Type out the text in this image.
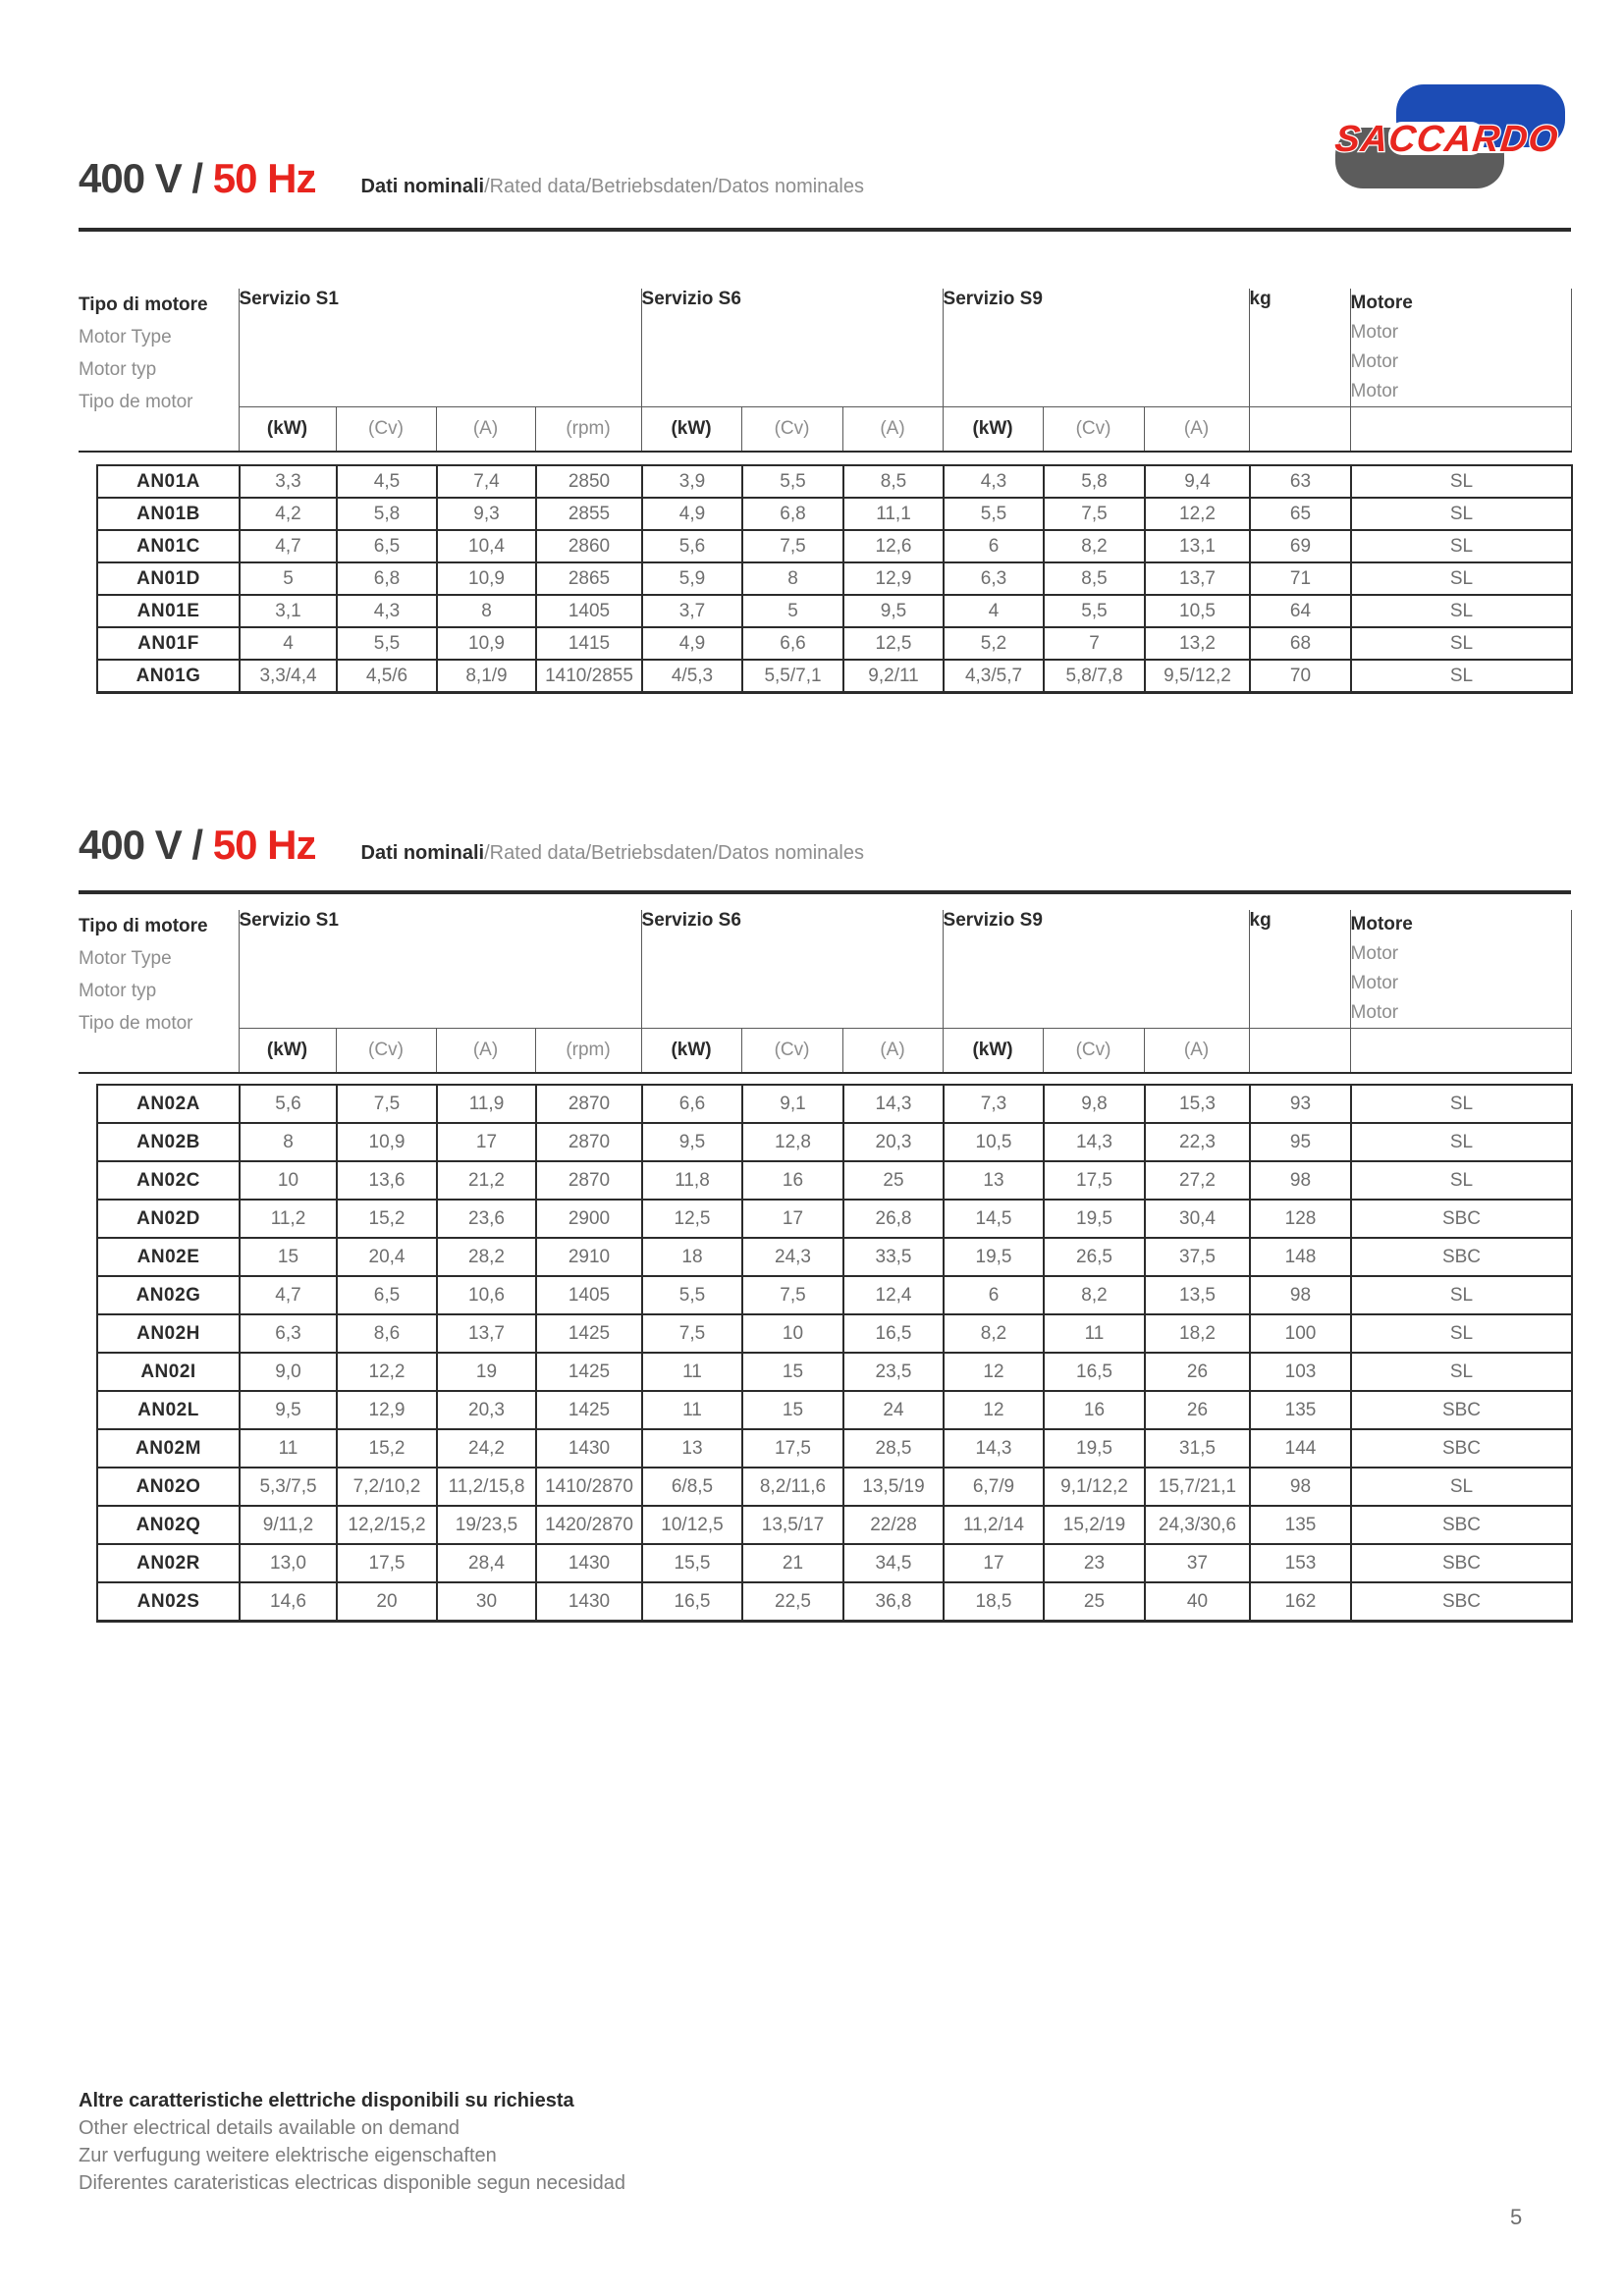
SACCARDO
400 V / 50 Hz Dati nominali/Rated data/Betriebsdaten/Datos nominales
Tipo di motore
Motor Type
Motor typ
Tipo de motor
	Servizio S1	Servizio S6	Servizio S9	kg	Motore
Motor
Motor
Motor

	(kW)	(Cv)	(A)	(rpm)	(kW)	(Cv)	(A)	(kW)	(Cv)	(A)		
AN01A	3,3	4,5	7,4	2850	3,9	5,5	8,5	4,3	5,8	9,4	63	SL
AN01B	4,2	5,8	9,3	2855	4,9	6,8	11,1	5,5	7,5	12,2	65	SL
AN01C	4,7	6,5	10,4	2860	5,6	7,5	12,6	6	8,2	13,1	69	SL
AN01D	5	6,8	10,9	2865	5,9	8	12,9	6,3	8,5	13,7	71	SL
AN01E	3,1	4,3	8	1405	3,7	5	9,5	4	5,5	10,5	64	SL
AN01F	4	5,5	10,9	1415	4,9	6,6	12,5	5,2	7	13,2	68	SL
AN01G	3,3/4,4	4,5/6	8,1/9	1410/2855	4/5,3	5,5/7,1	9,2/11	4,3/5,7	5,8/7,8	9,5/12,2	70	SL
400 V / 50 Hz Dati nominali/Rated data/Betriebsdaten/Datos nominales
Tipo di motore
Motor Type
Motor typ
Tipo de motor
	Servizio S1	Servizio S6	Servizio S9	kg	Motore
Motor
Motor
Motor

	(kW)	(Cv)	(A)	(rpm)	(kW)	(Cv)	(A)	(kW)	(Cv)	(A)		
AN02A	5,6	7,5	11,9	2870	6,6	9,1	14,3	7,3	9,8	15,3	93	SL
AN02B	8	10,9	17	2870	9,5	12,8	20,3	10,5	14,3	22,3	95	SL
AN02C	10	13,6	21,2	2870	11,8	16	25	13	17,5	27,2	98	SL
AN02D	11,2	15,2	23,6	2900	12,5	17	26,8	14,5	19,5	30,4	128	SBC
AN02E	15	20,4	28,2	2910	18	24,3	33,5	19,5	26,5	37,5	148	SBC
AN02G	4,7	6,5	10,6	1405	5,5	7,5	12,4	6	8,2	13,5	98	SL
AN02H	6,3	8,6	13,7	1425	7,5	10	16,5	8,2	11	18,2	100	SL
AN02I	9,0	12,2	19	1425	11	15	23,5	12	16,5	26	103	SL
AN02L	9,5	12,9	20,3	1425	11	15	24	12	16	26	135	SBC
AN02M	11	15,2	24,2	1430	13	17,5	28,5	14,3	19,5	31,5	144	SBC
AN02O	5,3/7,5	7,2/10,2	11,2/15,8	1410/2870	6/8,5	8,2/11,6	13,5/19	6,7/9	9,1/12,2	15,7/21,1	98	SL
AN02Q	9/11,2	12,2/15,2	19/23,5	1420/2870	10/12,5	13,5/17	22/28	11,2/14	15,2/19	24,3/30,6	135	SBC
AN02R	13,0	17,5	28,4	1430	15,5	21	34,5	17	23	37	153	SBC
AN02S	14,6	20	30	1430	16,5	22,5	36,8	18,5	25	40	162	SBC
Altre caratteristiche elettriche disponibili su richiesta
Other electrical details available on demand
Zur verfugung weitere elektrische eigenschaften
Diferentes carateristicas electricas disponible segun necesidad
5
